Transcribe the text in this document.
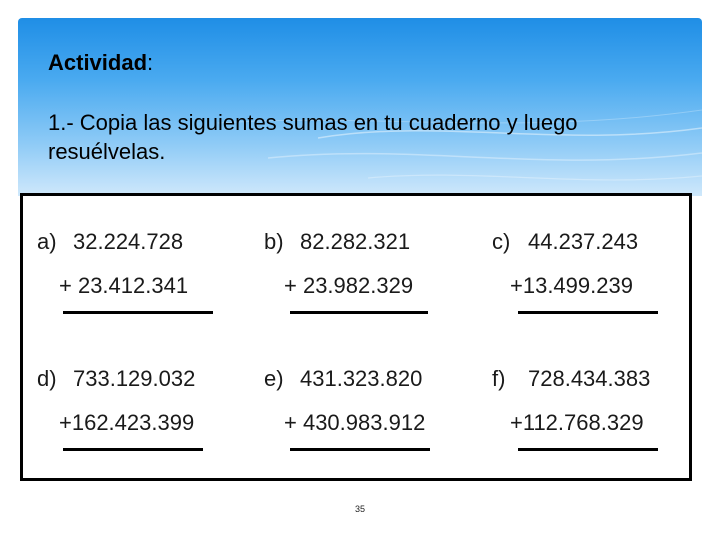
Actividad:
1.- Copia las siguientes sumas en tu cuaderno y luego resuélvelas.
a) 32.224.728
+ 23.412.341
b) 82.282.321
+ 23.982.329
c) 44.237.243
+13.499.239
d) 733.129.032
+162.423.399
e) 431.323.820
+ 430.983.912
f) 728.434.383
+112.768.329
35
